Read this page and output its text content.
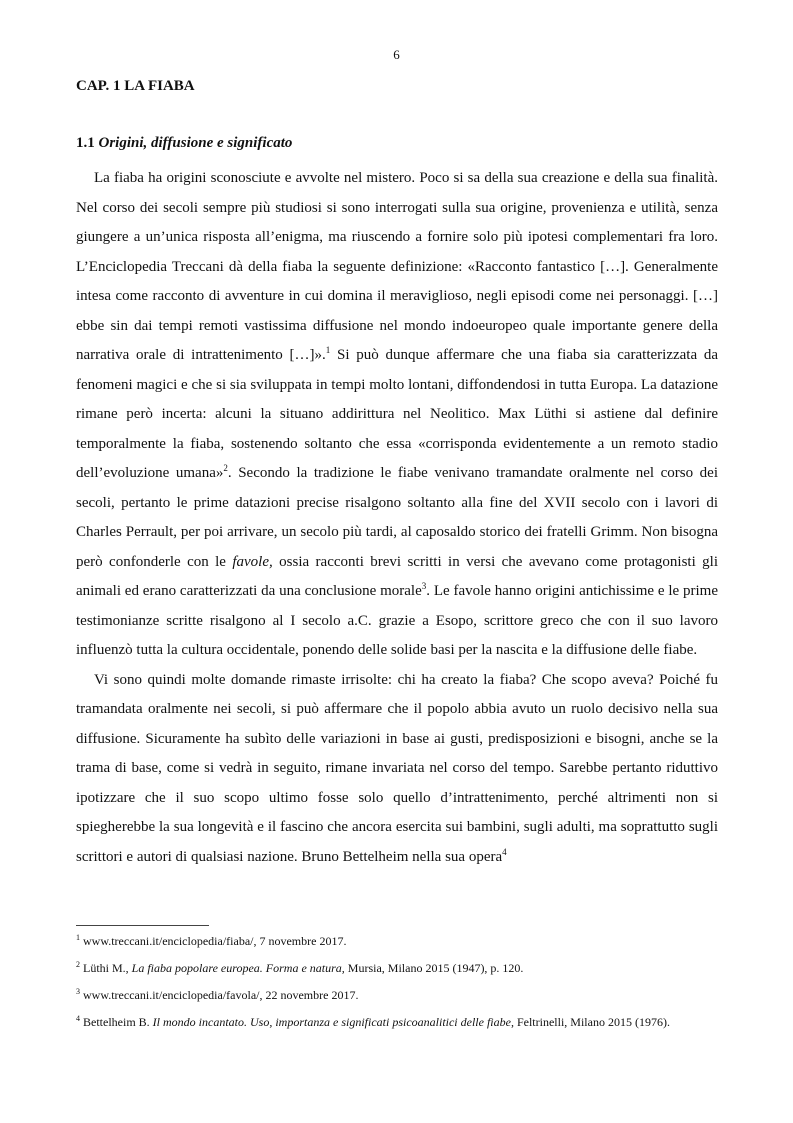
6
CAP. 1 LA FIABA
1.1 Origini, diffusione e significato

La fiaba ha origini sconosciute e avvolte nel mistero. Poco si sa della sua creazione e della sua finalità. Nel corso dei secoli sempre più studiosi si sono interrogati sulla sua origine, provenienza e utilità, senza giungere a un’unica risposta all’enigma, ma riuscendo a fornire solo più ipotesi complementari fra loro. L’Enciclopedia Treccani dà della fiaba la seguente definizione: «Racconto fantastico […]. Generalmente intesa come racconto di avventure in cui domina il meraviglioso, negli episodi come nei personaggi. […] ebbe sin dai tempi remoti vastissima diffusione nel mondo indoeuropeo quale importante genere della narrativa orale di intrattenimento […]».$^1$ Si può dunque affermare che una fiaba sia caratterizzata da fenomeni magici e che si sia sviluppata in tempi molto lontani, diffondendosi in tutta Europa. La datazione rimane però incerta: alcuni la situano addirittura nel Neolitico. Max Lüthi si astiene dal definire temporalmente la fiaba, sostenendo soltanto che essa «corrisponda evidentemente a un remoto stadio dell’evoluzione umana»$^2$. Secondo la tradizione le fiabe venivano tramandate oralmente nel corso dei secoli, pertanto le prime datazioni precise risalgono soltanto alla fine del XVII secolo con i lavori di Charles Perrault, per poi arrivare, un secolo più tardi, al caposaldo storico dei fratelli Grimm. Non bisogna però confonderle con le favole, ossia racconti brevi scritti in versi che avevano come protagonisti gli animali ed erano caratterizzati da una conclusione morale$^3$. Le favole hanno origini antichissime e le prime testimonianze scritte risalgono al I secolo a.C. grazie a Esopo, scrittore greco che con il suo lavoro influenzò tutta la cultura occidentale, ponendo delle solide basi per la nascita e la diffusione delle fiabe.

Vi sono quindi molte domande rimaste irrisolte: chi ha creato la fiaba? Che scopo aveva? Poiché fu tramandata oralmente nei secoli, si può affermare che il popolo abbia avuto un ruolo decisivo nella sua diffusione. Sicuramente ha subìto delle variazioni in base ai gusti, predisposizioni e bisogni, anche se la trama di base, come si vedrà in seguito, rimane invariata nel corso del tempo. Sarebbe pertanto riduttivo ipotizzare che il suo scopo ultimo fosse solo quello d’intrattenimento, perché altrimenti non si spiegherebbe la sua longevità e il fascino che ancora esercita sui bambini, sugli adulti, ma soprattutto sugli scrittori e autori di qualsiasi nazione. Bruno Bettelheim nella sua opera$^4$

$^1$ www.treccani.it/enciclopedia/fiaba/, 7 novembre 2017.

$^2$ Lüthi M., La fiaba popolare europea. Forma e natura, Mursia, Milano 2015 (1947), p. 120.

$^3$ www.treccani.it/enciclopedia/favola/, 22 novembre 2017.

$^4$ Bettelheim B. Il mondo incantato. Uso, importanza e significati psicoanalitici delle fiabe, Feltrinelli, Milano 2015 (1976).
